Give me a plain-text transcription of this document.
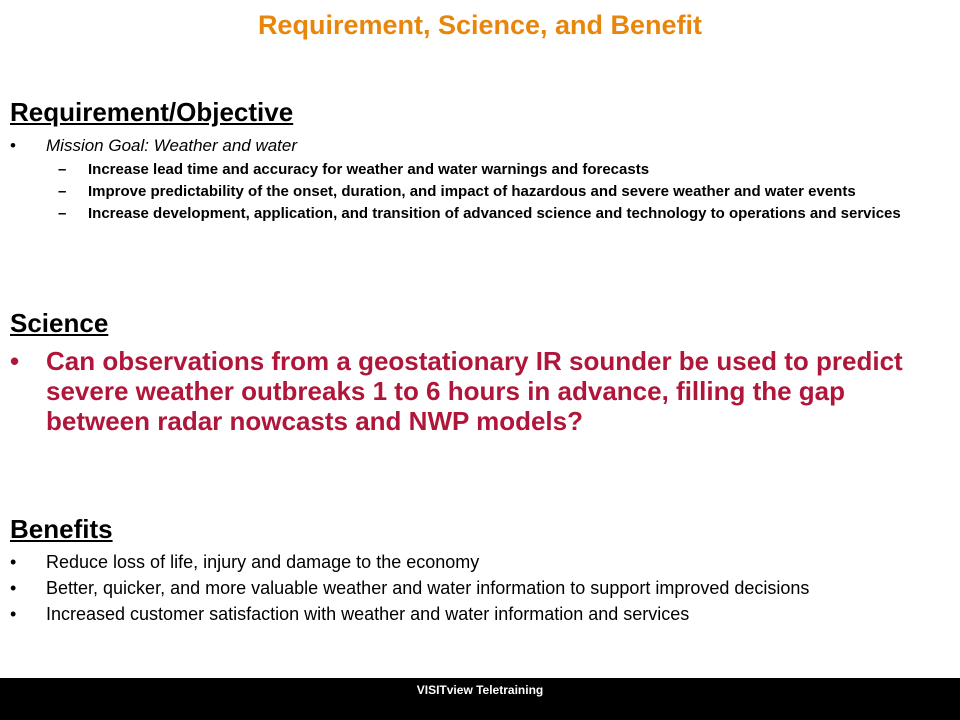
Requirement, Science, and Benefit
Requirement/Objective
• Mission Goal: Weather and water
– Increase lead time and accuracy for weather and water warnings and forecasts
– Improve predictability of the onset, duration, and impact of hazardous and severe weather and water events
– Increase development, application, and transition of advanced science and technology to operations and services
Science
• Can observations from a geostationary IR sounder be used to predict severe weather outbreaks 1 to 6 hours in advance, filling the gap between radar nowcasts and NWP models?
Benefits
• Reduce loss of life, injury and damage to the economy
• Better, quicker, and more valuable weather and water information to support improved decisions
• Increased customer satisfaction with weather and water information and services
VISITview Teletraining
